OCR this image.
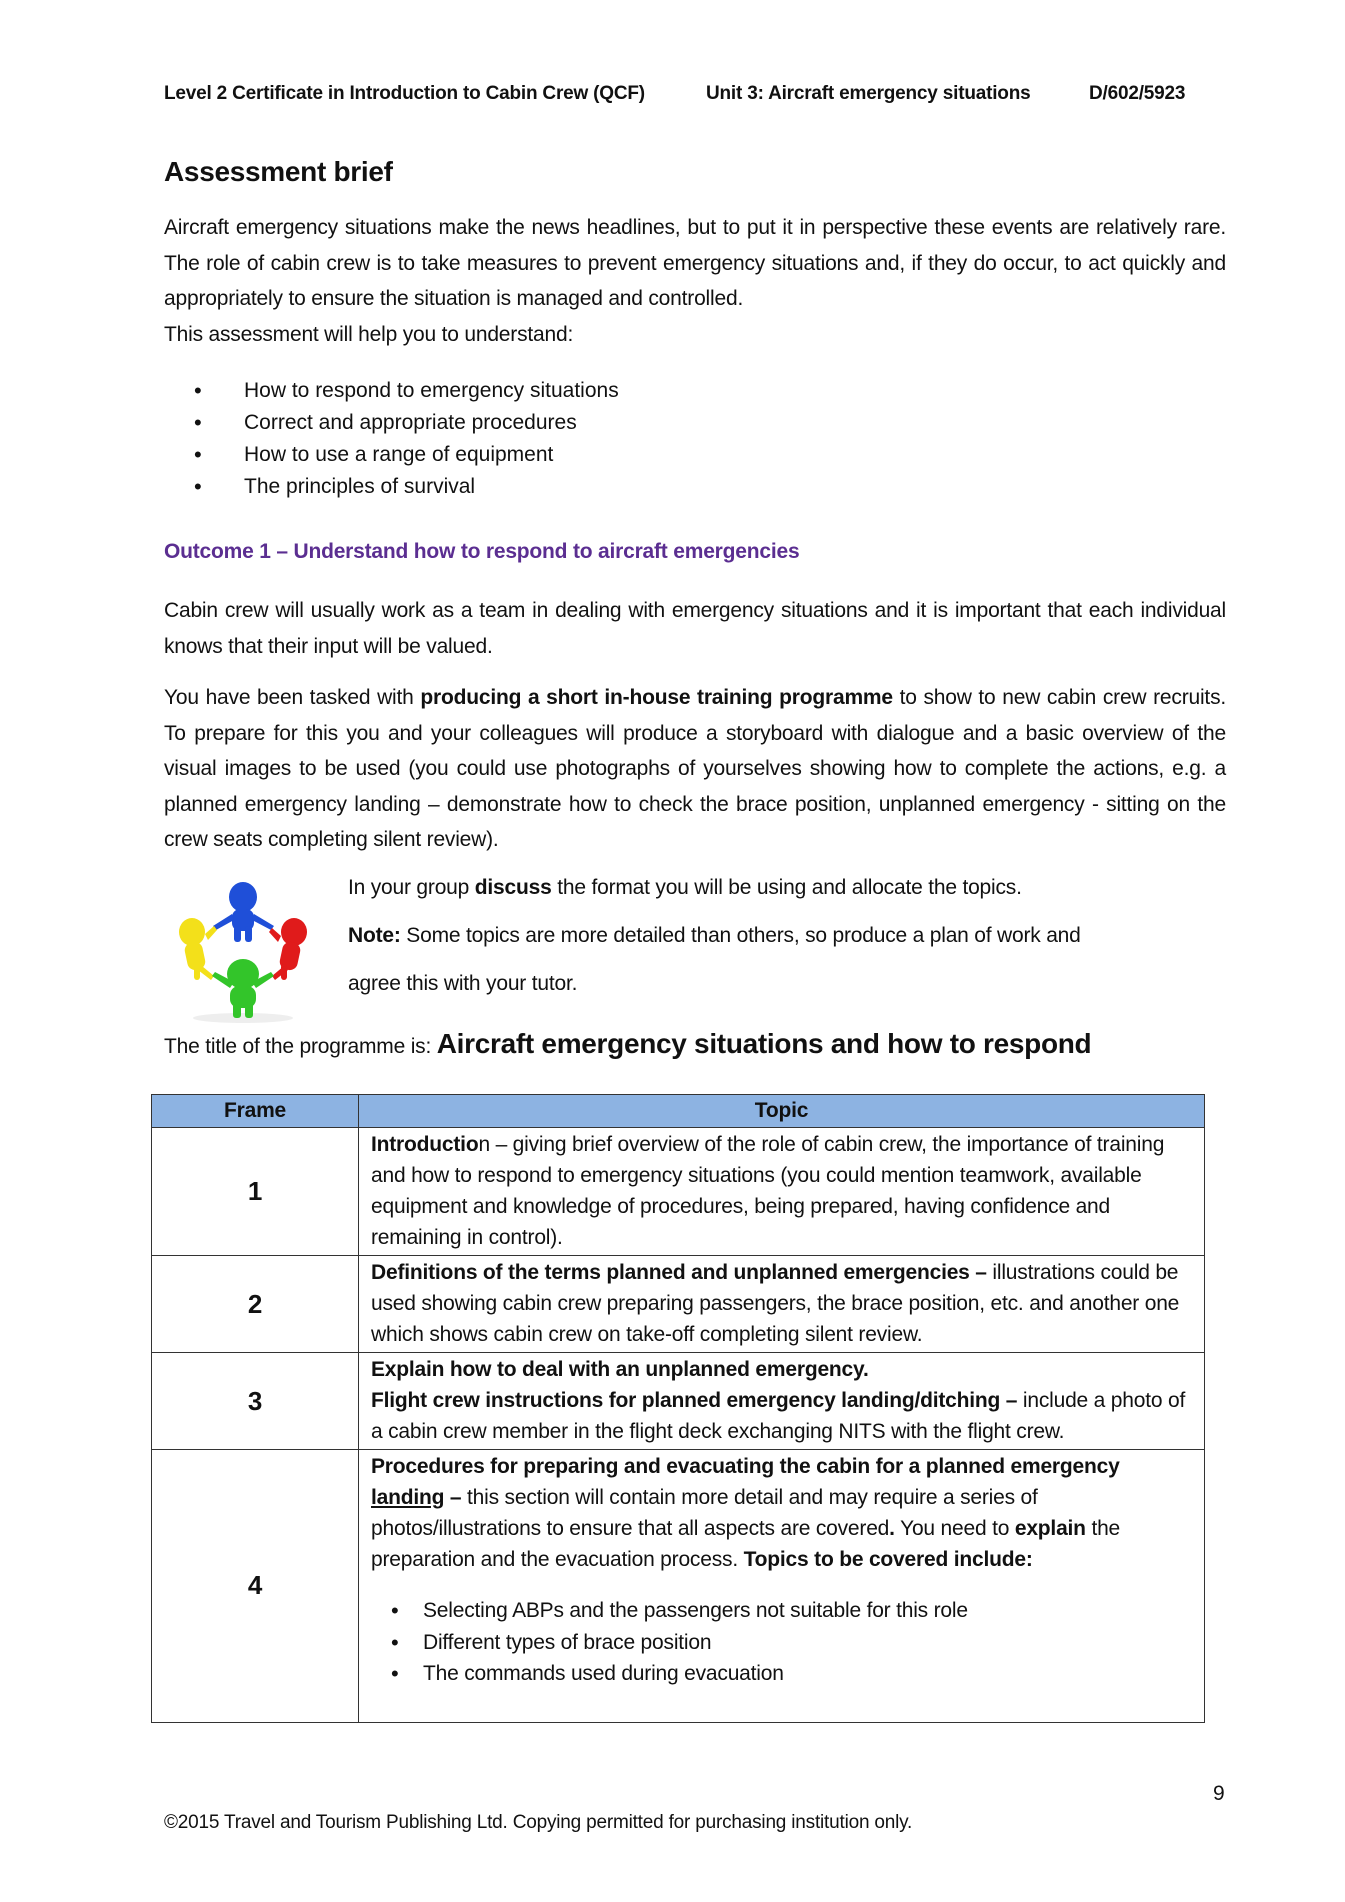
Level 2 Certificate in Introduction to Cabin Crew (QCF)	Unit 3: Aircraft emergency situations	D/602/5923
Assessment brief
Aircraft emergency situations make the news headlines, but to put it in perspective these events are relatively rare. The role of cabin crew is to take measures to prevent emergency situations and, if they do occur, to act quickly and appropriately to ensure the situation is managed and controlled.
This assessment will help you to understand:
• How to respond to emergency situations
• Correct and appropriate procedures
• How to use a range of equipment
• The principles of survival
Outcome 1 – Understand how to respond to aircraft emergencies
Cabin crew will usually work as a team in dealing with emergency situations and it is important that each individual knows that their input will be valued.
You have been tasked with producing a short in-house training programme to show to new cabin crew recruits. To prepare for this you and your colleagues will produce a storyboard with dialogue and a basic overview of the visual images to be used (you could use photographs of yourselves showing how to complete the actions, e.g. a planned emergency landing – demonstrate how to check the brace position, unplanned emergency - sitting on the crew seats completing silent review).
In your group discuss the format you will be using and allocate the topics.
Note: Some topics are more detailed than others, so produce a plan of work and
agree this with your tutor.
The title of the programme is: Aircraft emergency situations and how to respond
Frame	Topic
1	Introduction – giving brief overview of the role of cabin crew, the importance of training and how to respond to emergency situations (you could mention teamwork, available equipment and knowledge of procedures, being prepared, having confidence and remaining in control).
2	Definitions of the terms planned and unplanned emergencies – illustrations could be used showing cabin crew preparing passengers, the brace position, etc. and another one which shows cabin crew on take-off completing silent review.
3	Explain how to deal with an unplanned emergency.
Flight crew instructions for planned emergency landing/ditching – include a photo of a cabin crew member in the flight deck exchanging NITS with the flight crew.
4	Procedures for preparing and evacuating the cabin for a planned emergency landing – this section will contain more detail and may require a series of photos/illustrations to ensure that all aspects are covered. You need to explain the preparation and the evacuation process. Topics to be covered include:
• Selecting ABPs and the passengers not suitable for this role
• Different types of brace position
• The commands used during evacuation
9
©2015 Travel and Tourism Publishing Ltd. Copying permitted for purchasing institution only.
